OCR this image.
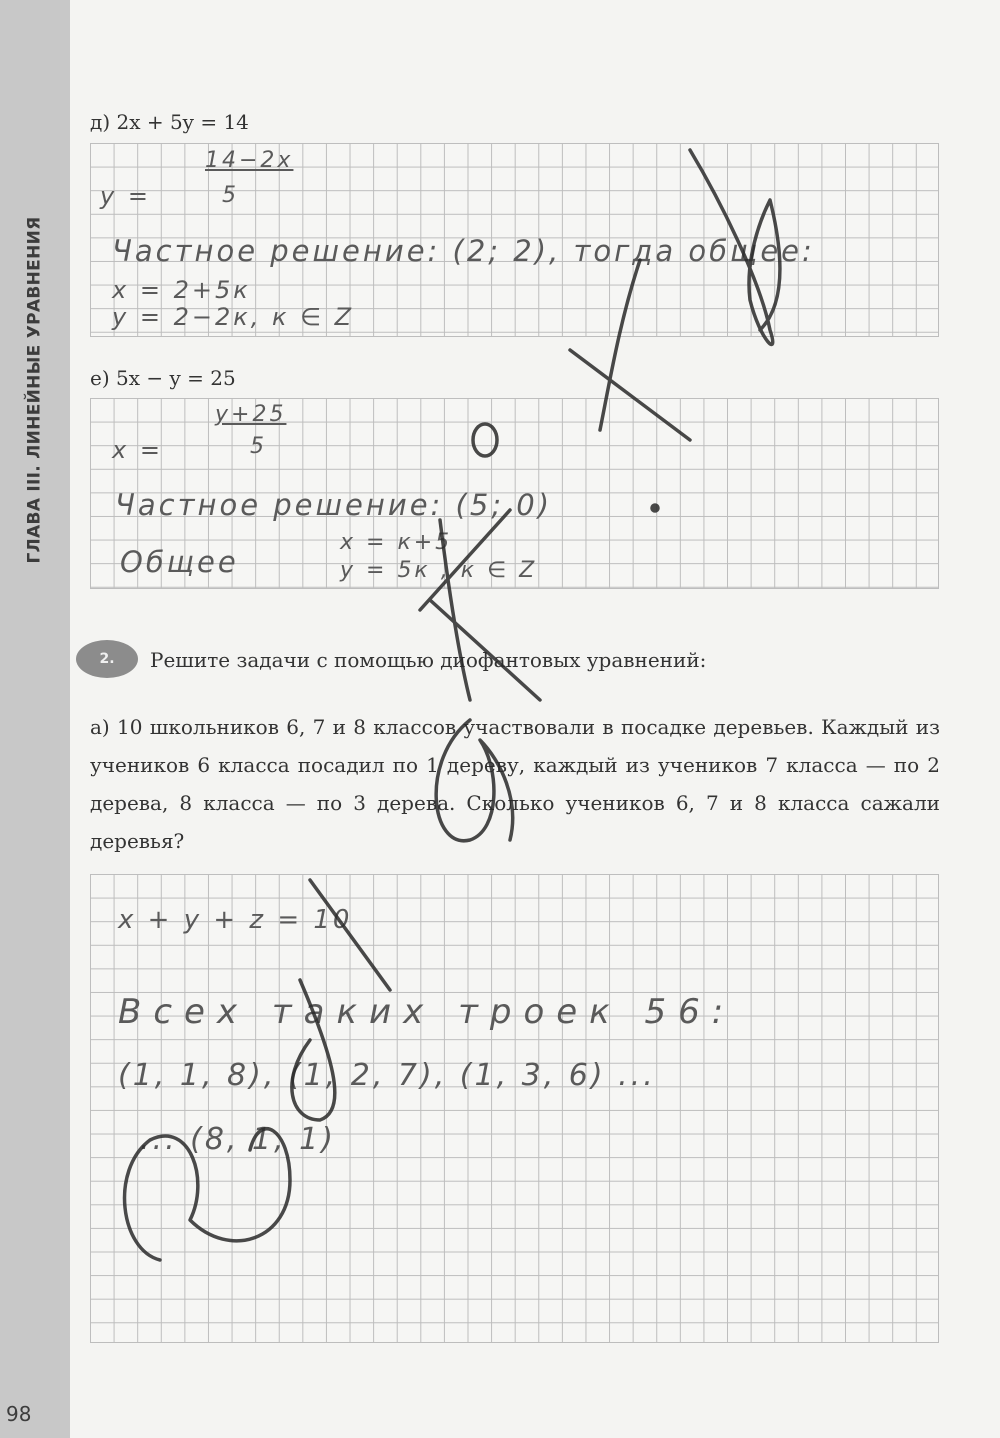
ГЛАВА III. ЛИНЕЙНЫЕ УРАВНЕНИЯ
98
д) 2x + 5y = 14
14−2x
y =	5
Частное решение: (2; 2), тогда общее:
x = 2+5к
y = 2−2к, к ∈ Z
е) 5x − y = 25
y+25
x =	5
Частное решение: (5; 0)
Общее
x = к+5
y = 5к , к ∈ Z
2. Решите задачи с помощью диофантовых уравнений:
а) 10 школьников 6, 7 и 8 классов участвовали в посадке деревьев. Каждый из учеников 6 класса посадил по 1 дереву, каждый из учеников 7 класса — по 2 дерева, 8 класса — по 3 дерева. Сколько учеников 6, 7 и 8 класса сажали деревья?
x + y + z = 10
Всех таких троек 56:
(1, 1, 8), (1, 2, 7), (1, 3, 6) ...
... (8, 1, 1)
